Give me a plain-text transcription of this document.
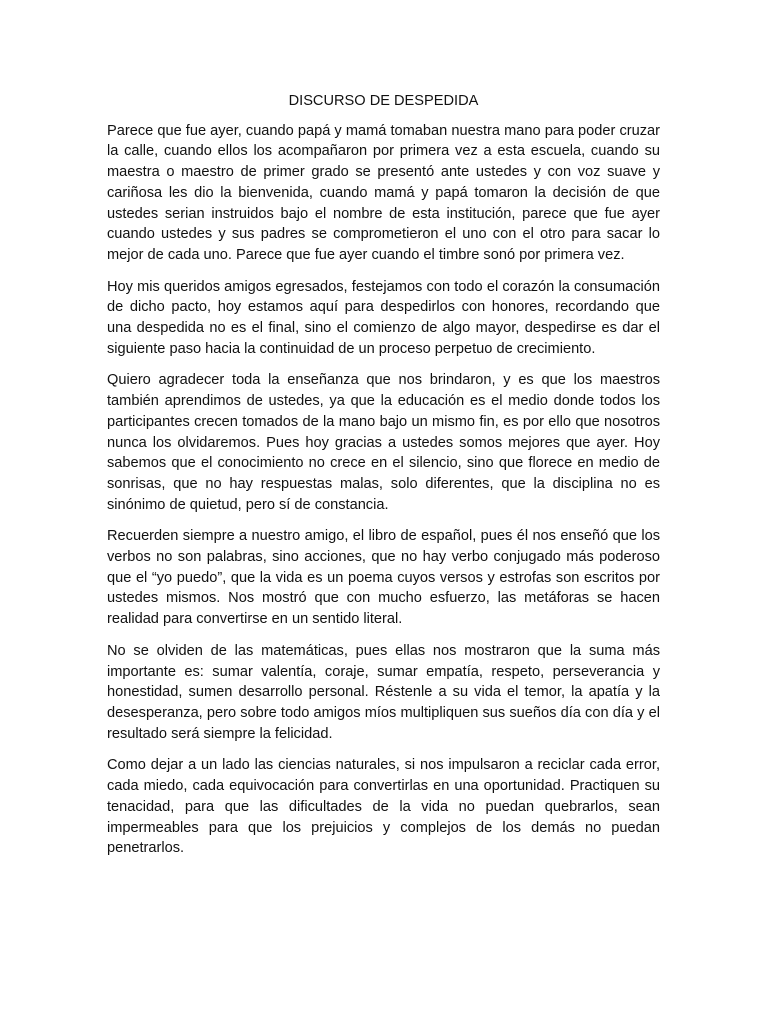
DISCURSO DE DESPEDIDA

Parece que fue ayer, cuando papá y mamá tomaban nuestra mano para poder cruzar la calle, cuando ellos los acompañaron por primera vez a esta escuela, cuando su maestra o maestro de primer grado se presentó ante ustedes y con voz suave y cariñosa les dio la bienvenida, cuando mamá y papá tomaron la decisión de que ustedes serian instruidos bajo el nombre de esta institución, parece que fue ayer cuando ustedes y sus padres se comprometieron el uno con el otro para sacar lo mejor de cada uno. Parece que fue ayer cuando el timbre sonó por primera vez.

Hoy mis queridos amigos egresados, festejamos con todo el corazón la consumación de dicho pacto, hoy estamos aquí para despedirlos con honores, recordando que una despedida no es el final, sino el comienzo de algo mayor, despedirse es dar el siguiente paso hacia la continuidad de un proceso perpetuo de crecimiento.

Quiero agradecer toda la enseñanza que nos brindaron, y es que los maestros también aprendimos de ustedes, ya que la educación es el medio donde todos los participantes crecen tomados de la mano bajo un mismo fin, es por ello que nosotros nunca los olvidaremos. Pues hoy gracias a ustedes somos mejores que ayer. Hoy sabemos que el conocimiento no crece en el silencio, sino que florece en medio de sonrisas, que no hay respuestas malas, solo diferentes, que la disciplina no es sinónimo de quietud, pero sí de constancia.

Recuerden siempre a nuestro amigo, el libro de español, pues él nos enseñó que los verbos no son palabras, sino acciones, que no hay verbo conjugado más poderoso que el “yo puedo”, que la vida es un poema cuyos versos y estrofas son escritos por ustedes mismos. Nos mostró que con mucho esfuerzo, las metáforas se hacen realidad para convertirse en un sentido literal.

No se olviden de las matemáticas, pues ellas nos mostraron que la suma más importante es: sumar valentía, coraje, sumar empatía, respeto, perseverancia y honestidad, sumen desarrollo personal. Réstenle a su vida el temor, la apatía y la desesperanza, pero sobre todo amigos míos multipliquen sus sueños día con día y el resultado será siempre la felicidad.

Como dejar a un lado las ciencias naturales, si nos impulsaron a reciclar cada error, cada miedo, cada equivocación para convertirlas en una oportunidad. Practiquen su tenacidad, para que las dificultades de la vida no puedan quebrarlos, sean impermeables para que los prejuicios y complejos de los demás no puedan penetrarlos.
